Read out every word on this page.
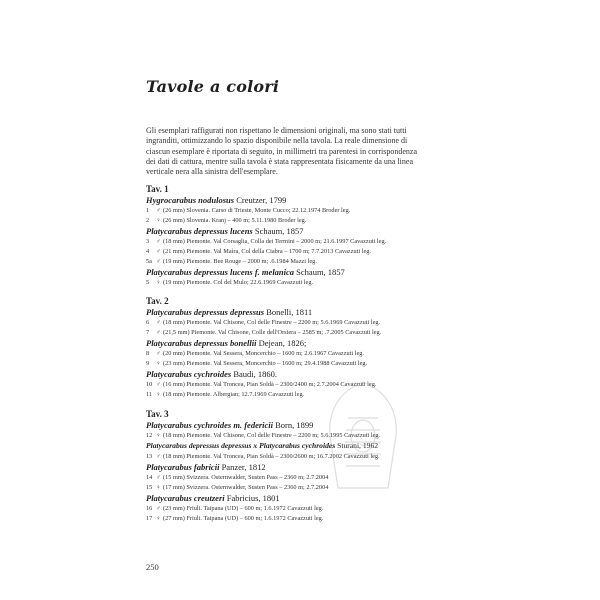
Tavole a colori

Gli esemplari raffigurati non rispettano le dimensioni originali, ma sono stati tutti
ingranditi, ottimizzando lo spazio disponibile nella tavola. La reale dimensione di
ciascun esemplare è riportata di seguito, in millimetri tra parentesi in corrispondenza
dei dati di cattura, mentre sulla tavola è stata rappresentata fisicamente da una linea
verticale nera alla sinistra dell'esemplare.

Tav. 1
Hygrocarabus nodulosus Creutzer, 1799
1 ♂ (26 mm) Slovenia. Carso di Trieste, Monte Cucco; 22.12.1974 Broder leg.
2 ♀ (26 mm) Slovenia. Kranj – 400 m; 5.11.1980 Broder leg.
Platycarabus depressus lucens Schaum, 1857
3 ♂ (18 mm) Piemonte. Val Corsaglia, Colla dei Termini – 2000 m; 21.6.1997 Cavazzuti leg.
4 ♂ (21 mm) Piemonte. Val Maìra, Col della Ciabra – 1700 m; 7.7.2013 Cavazzuti leg.
5a ♂ (19 mm) Piemonte. Bee Rouge – 2000 m; .6.1984 Mazzi leg.
Platycarabus depressus lucens f. melanica Schaum, 1857
5 ♀ (19 mm) Piemonte. Col del Mulo; 22.6.1969 Cavazzuti leg.
Tav. 2
Platycarabus depressus depressus Bonelli, 1811
6 ♂ (18 mm) Piemonte. Val Chisone, Col delle Finestre – 2200 m; 5.6.1969 Cavazzuti leg.
7 ♂ (21,5 mm) Piemonte. Val Chisone, Colle dell'Orsiera – 2585 m; .7.2005 Cavazzuti leg.
Platycarabus depressus bonellii Dejean, 1826;
8 ♂ (20 mm) Piemonte. Val Sessera, Moncerchio – 1600 m; 2.6.1967 Cavazzuti leg.
9 ♀ (23 mm) Piemonte. Val Sessera, Moncerchio – 1600 m; 29.4.1988 Cavazzuti leg.
Platycarabus cychroides Baudi, 1860.
10 ♂ (16 mm) Piemonte. Val Troncea, Pian Soldà – 2300/2400 m; 2.7.2004 Cavazzuti leg.
11 ♀ (18 mm) Piemonte. Albergian; 12.7.1969 Cavazzuti leg.
Tav. 3
Platycarabus cychroides m. federicii Born, 1899
12 ♀ (18 mm) Piemonte. Val Chisone, Col delle Finestre – 2200 m; 5.6.1995 Cavazzuti leg.
Platycarabus depressus depressus x Platycarabus cychroides Sturani, 1962
13 ♂ (18 mm) Piemonte. Val Troncea, Pian Soldà – 2300/2600 m; 16.7.2002 Cavazzuti leg.
Platycarabus fabricii Panzer, 1812
14 ♂ (15 mm) Svizzera. Osternwalder, Susten Pass – 2360 m; 2.7.2004
15 ♀ (17 mm) Svizzera. Osternwalder, Susten Pass – 2360 m; 2.7.2004
Platycarabus creutzeri Fabricius, 1801
16 ♂ (23 mm) Friuli. Taipana (UD) – 600 m; 1.6.1972 Cavazzuti leg.
17 ♀ (27 mm) Friuli. Taipana (UD) – 600 m; 1.6.1972 Cavazzuti leg.
250
